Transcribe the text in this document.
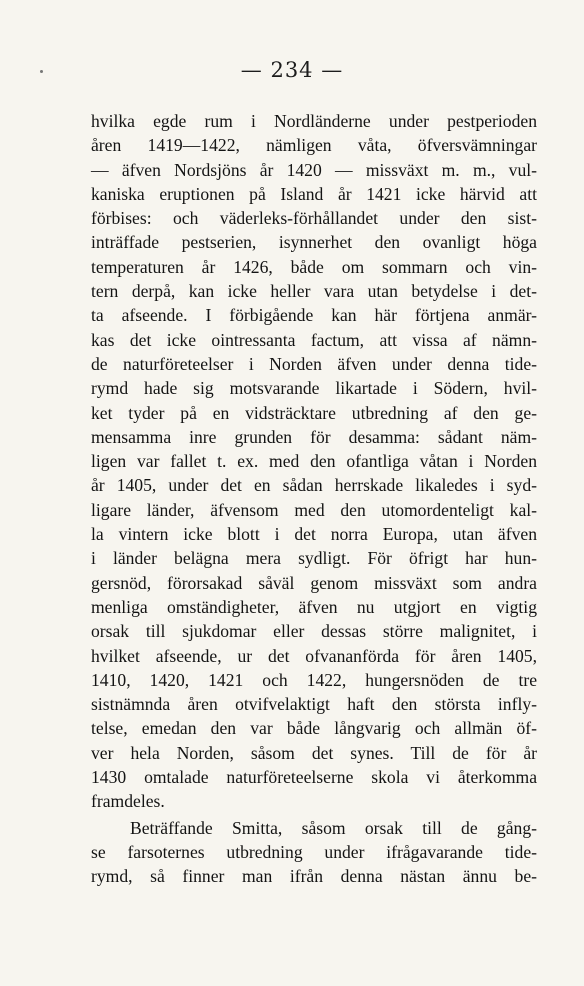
— 234 —
hvilka egde rum i Nordländerne under pestperioden
åren 1419—1422, nämligen våta, öfversvämningar
— äfven Nordsjöns år 1420 — missväxt m. m., vul-
kaniska eruptionen på Island år 1421 icke härvid att
förbises: och väderleks-förhållandet under den sist-
inträffade pestserien, isynnerhet den ovanligt höga
temperaturen år 1426, både om sommarn och vin-
tern derpå, kan icke heller vara utan betydelse i det-
ta afseende. I förbigående kan här förtjena anmär-
kas det icke ointressanta factum, att vissa af nämn-
de naturföreteelser i Norden äfven under denna tide-
rymd hade sig motsvarande likartade i Södern, hvil-
ket tyder på en vidsträcktare utbredning af den ge-
mensamma inre grunden för desamma: sådant näm-
ligen var fallet t. ex. med den ofantliga våtan i Norden
år 1405, under det en sådan herrskade likaledes i syd-
ligare länder, äfvensom med den utomordenteligt kal-
la vintern icke blott i det norra Europa, utan äfven
i länder belägna mera sydligt. För öfrigt har hun-
gersnöd, förorsakad såväl genom missväxt som andra
menliga omständigheter, äfven nu utgjort en vigtig
orsak till sjukdomar eller dessas större malignitet, i
hvilket afseende, ur det ofvananförda för åren 1405,
1410, 1420, 1421 och 1422, hungersnöden de tre
sistnämnda åren otvifvelaktigt haft den största infly-
telse, emedan den var både långvarig och allmän öf-
ver hela Norden, såsom det synes. Till de för år
1430 omtalade naturföreteelserne skola vi återkomma
framdeles.
Beträffande Smitta, såsom orsak till de gång-
se farsoternes utbredning under ifrågavarande tide-
rymd, så finner man ifrån denna nästan ännu be-
